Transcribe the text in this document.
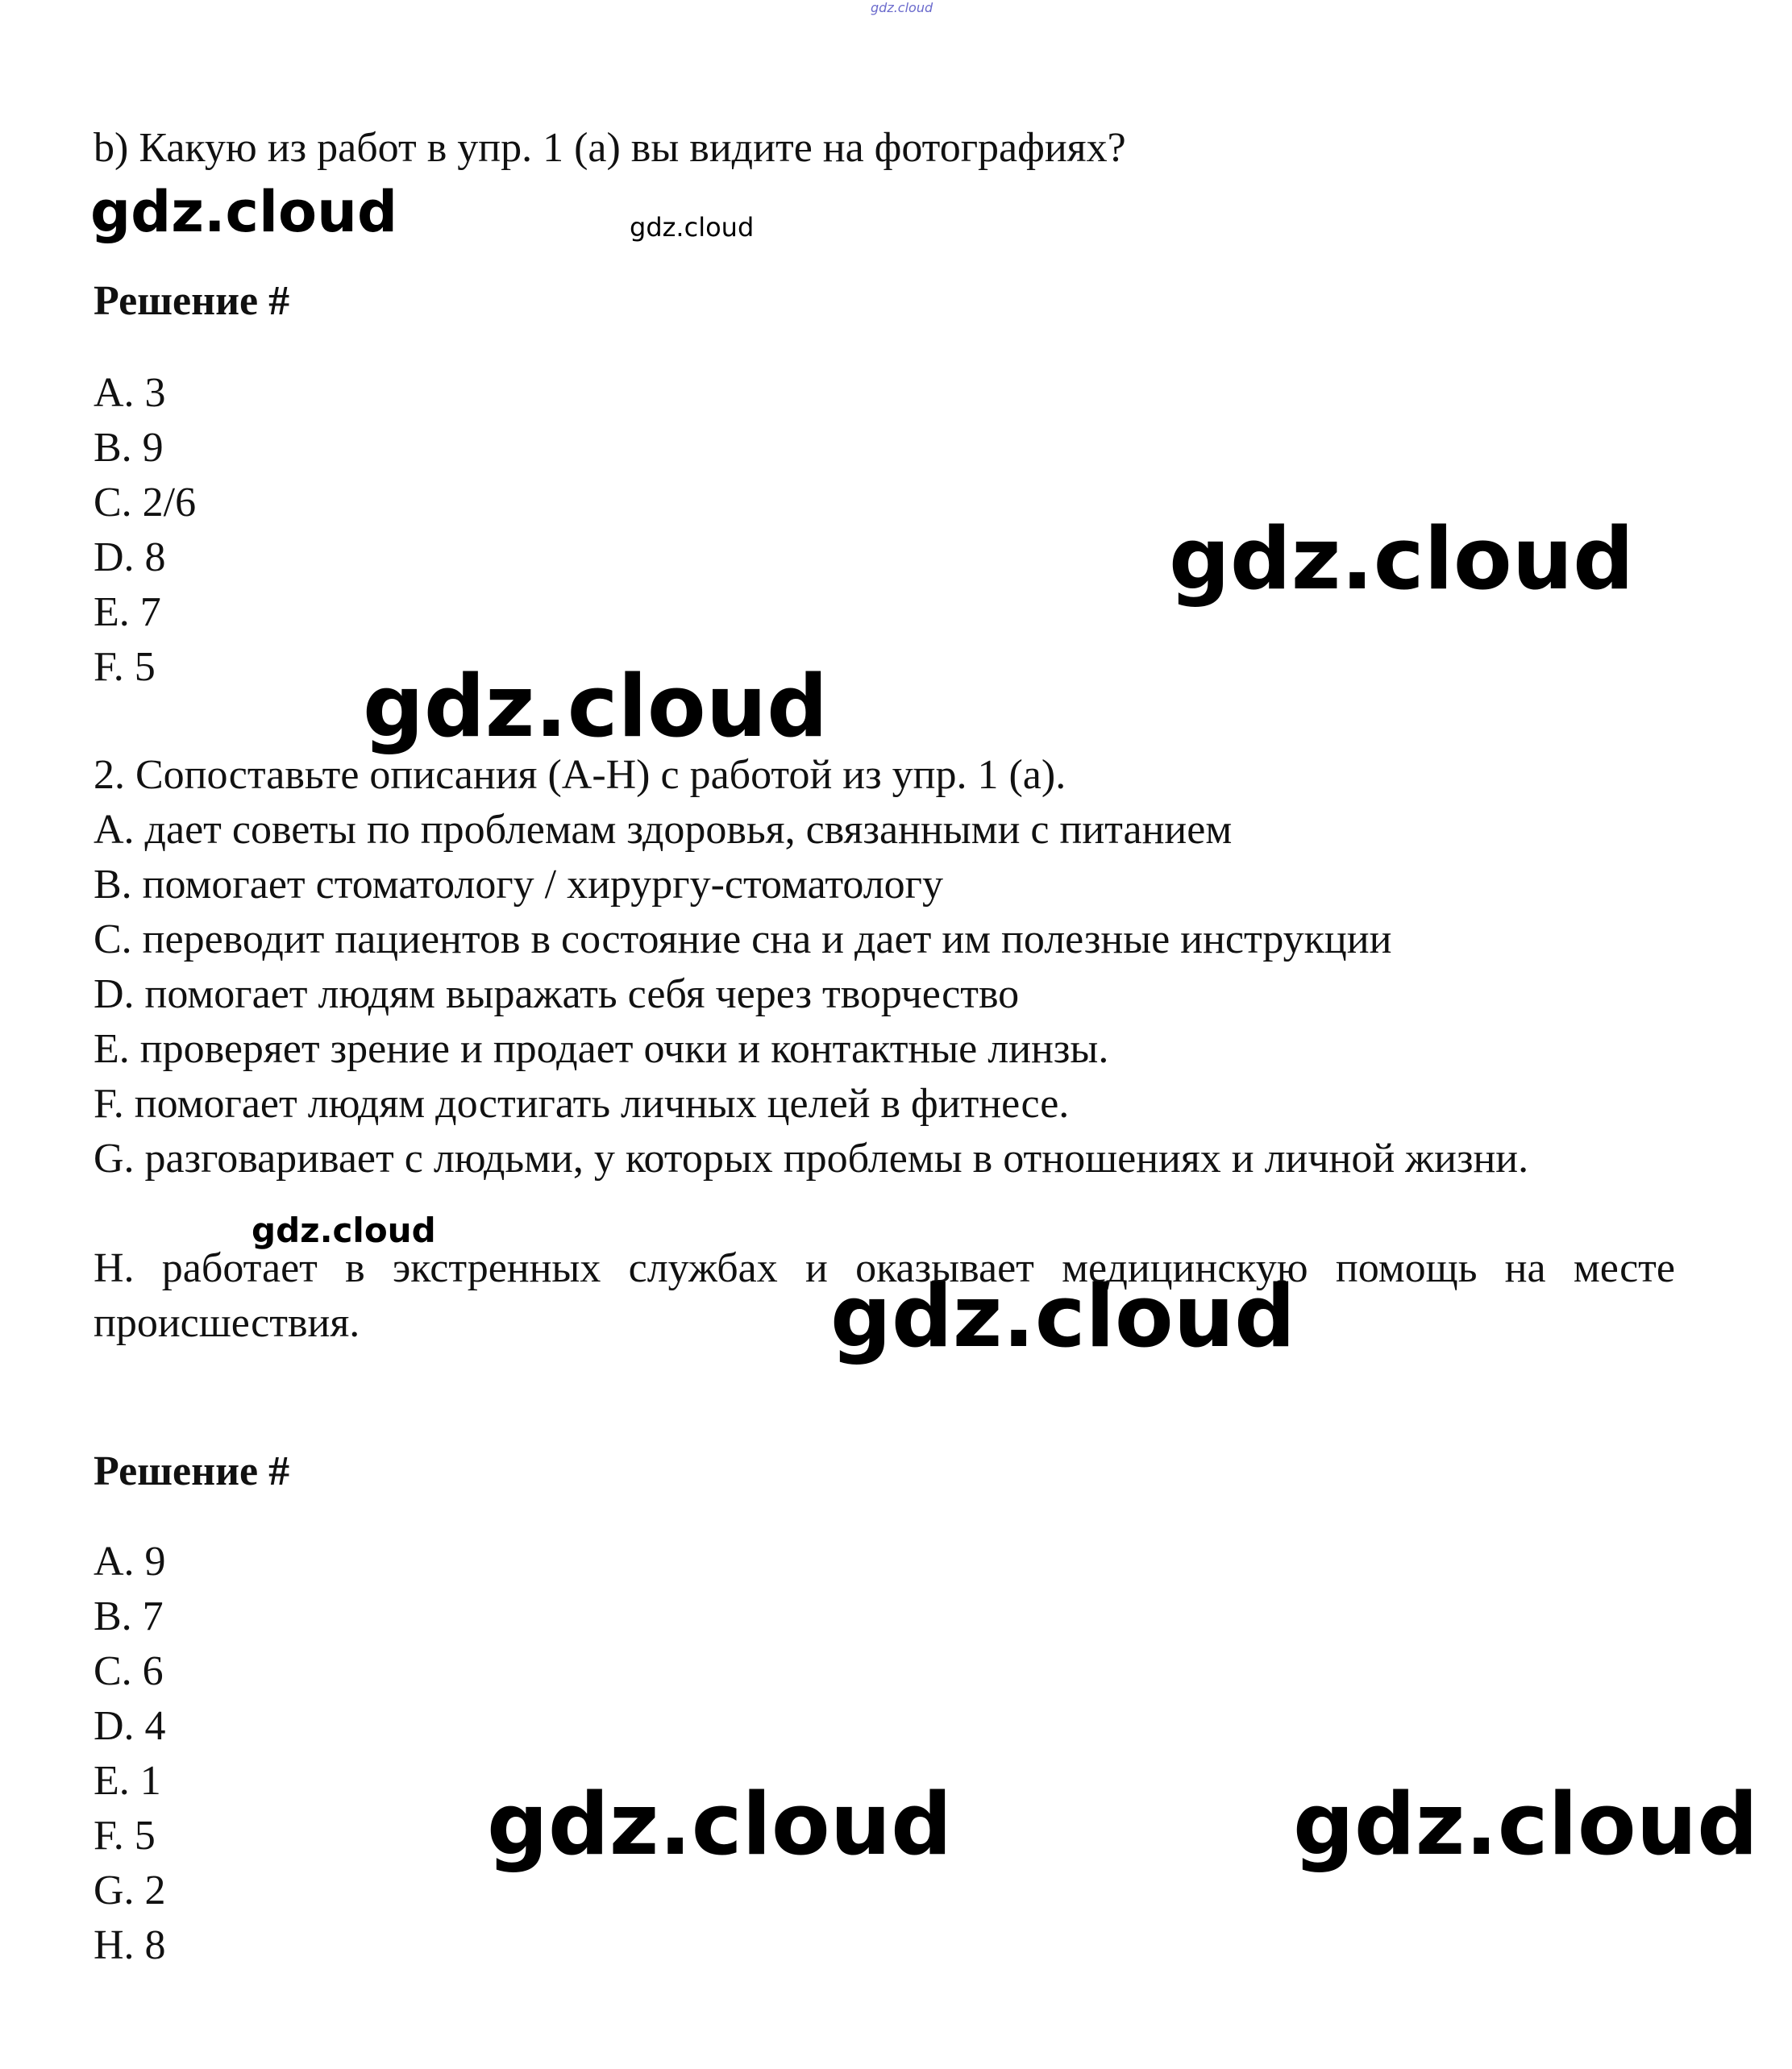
gdz.cloud
b) Какую из работ в упр. 1 (a) вы видите на фотографиях?
gdz.cloud	gdz.cloud
Решение #
A. 3
B. 9
C. 2/6
D. 8
E. 7
F. 5
gdz.cloud
gdz.cloud
2. Сопоставьте описания (A-H) с работой из упр. 1 (a).
A. дает советы по проблемам здоровья, связанными с питанием
B. помогает стоматологу / хирургу-стоматологу
C. переводит пациентов в состояние сна и дает им полезные инструкции
D. помогает людям выражать себя через творчество
E. проверяет зрение и продает очки и контактные линзы.
F. помогает людям достигать личных целей в фитнесе.
G. разговаривает с людьми, у которых проблемы в отношениях и личной жизни.
H. работает в экстренных службах и оказывает медицинскую помощь на месте происшествия.
gdz.cloud
gdz.cloud
Решение #
A. 9
B. 7
C. 6
D. 4
E. 1
F. 5
G. 2
H. 8
gdz.cloud	gdz.cloud
